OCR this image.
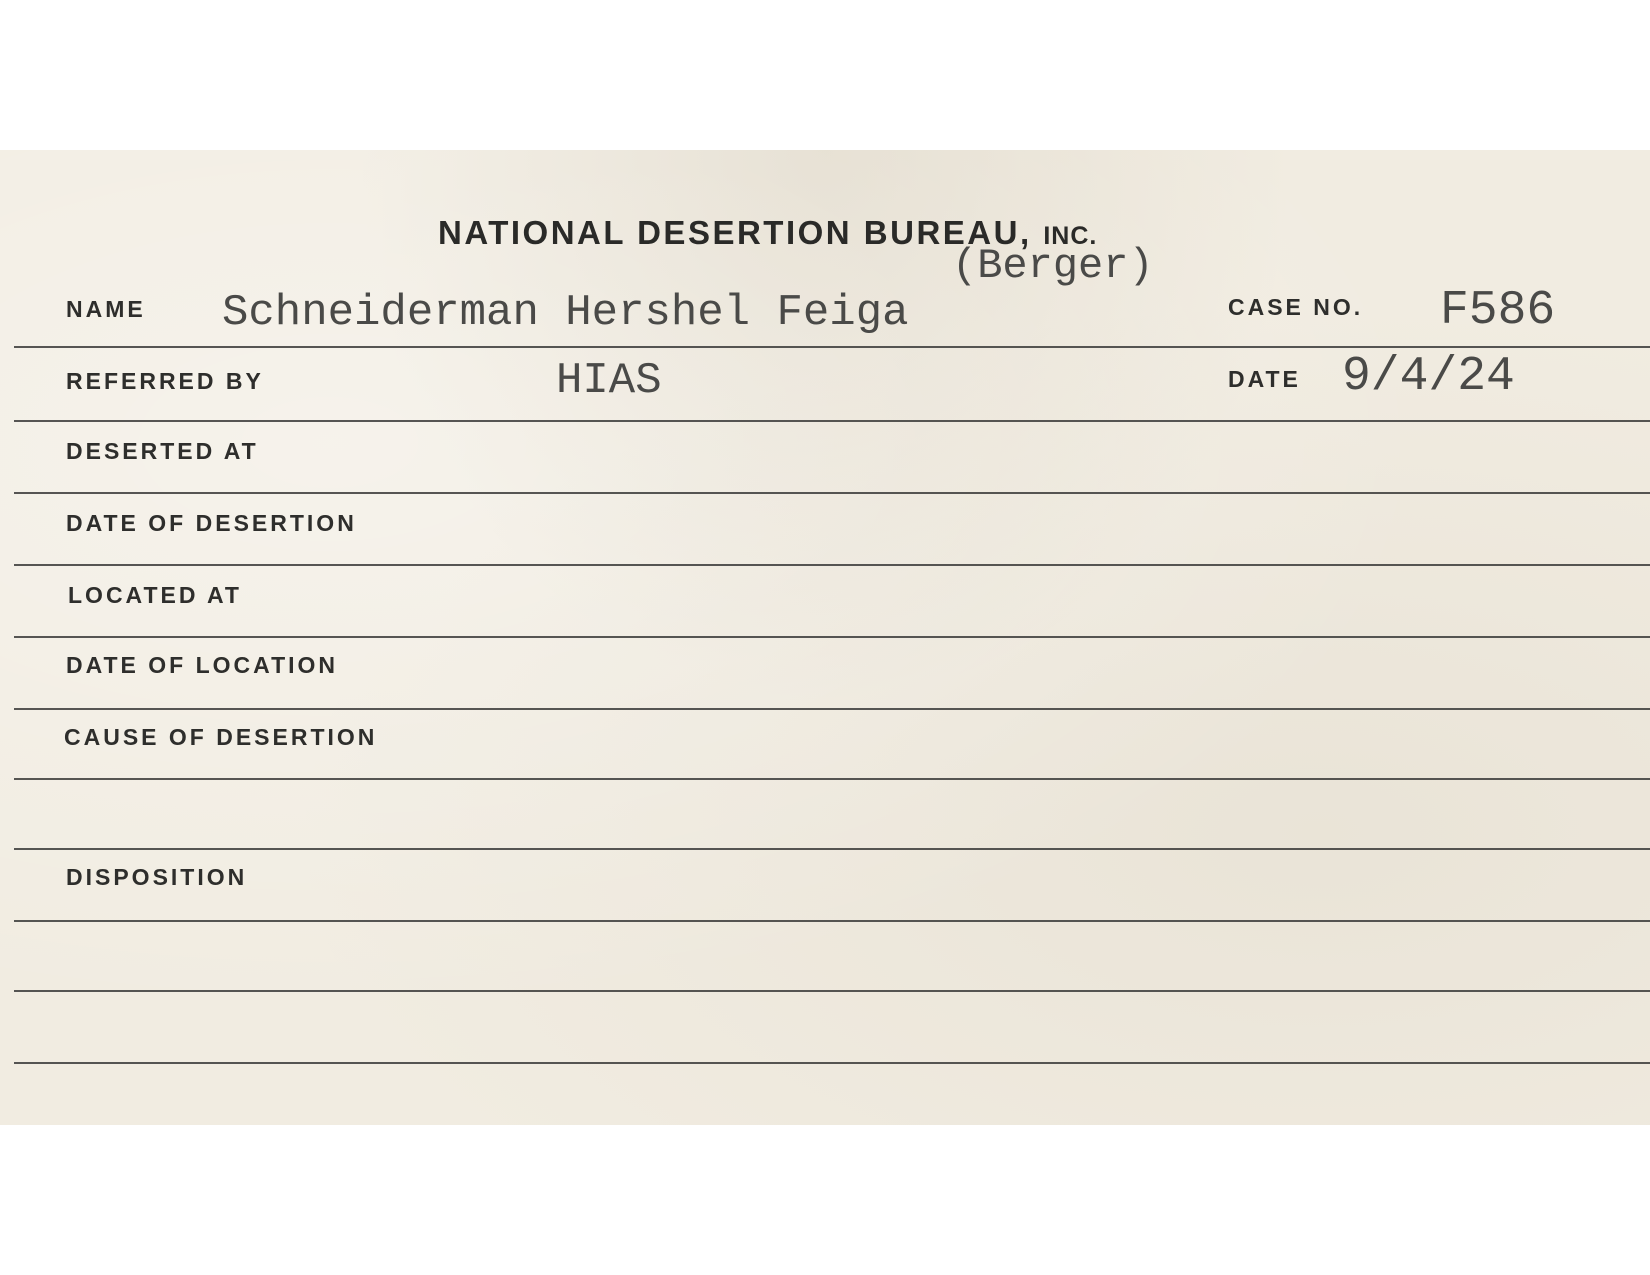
NATIONAL DESERTION BUREAU, INC.
(Berger)
NAME Schneiderman Hershel Feiga	CASE NO. F586
REFERRED BY	HIAS	DATE 9/4/24
DESERTED AT
DATE OF DESERTION
LOCATED AT
DATE OF LOCATION
CAUSE OF DESERTION
DISPOSITION
